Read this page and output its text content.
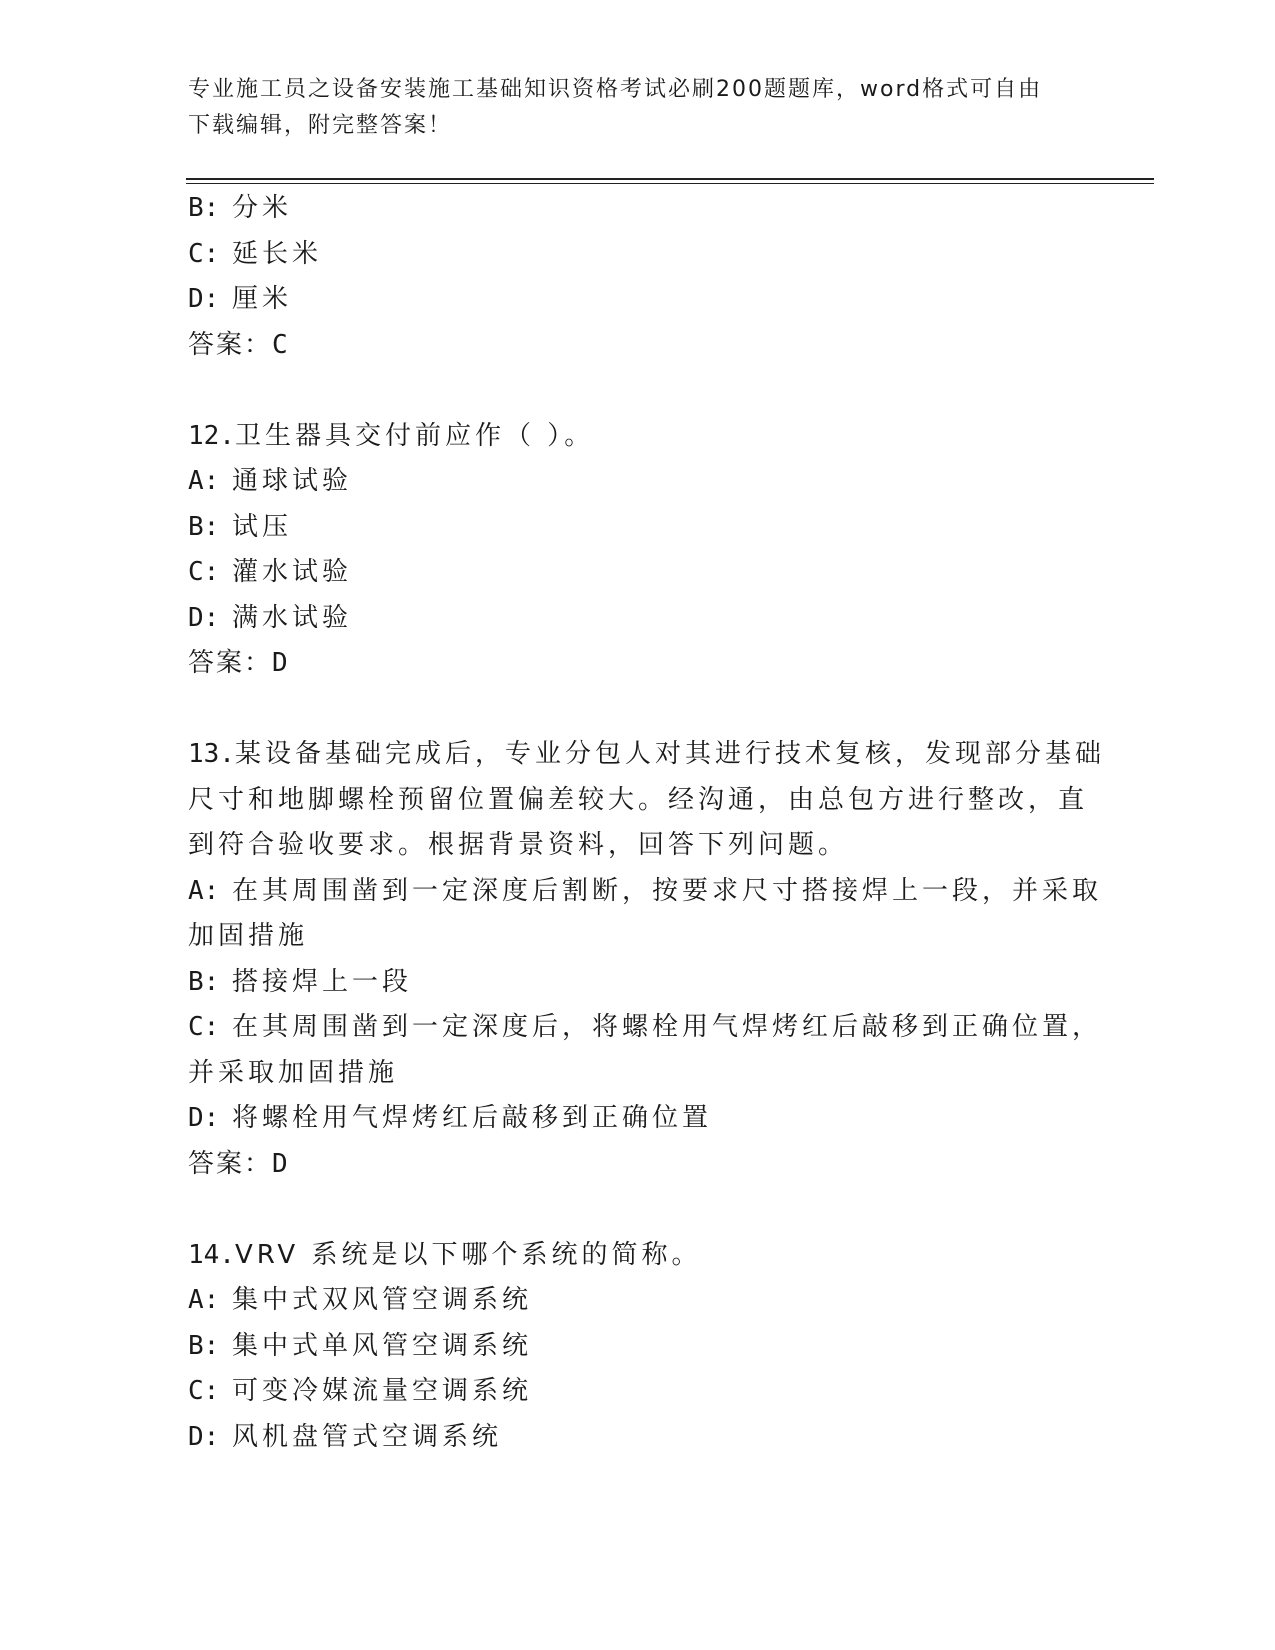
专业施工员之设备安装施工基础知识资格考试必刷200题题库，word格式可自由
下载编辑，附完整答案！

B: 分米

C: 延长米

D: 厘米

答案：C

12.卫生器具交付前应作（ ）。

A: 通球试验

B: 试压

C: 灌水试验

D: 满水试验

答案：D

13.某设备基础完成后，专业分包人对其进行技术复核，发现部分基础

尺寸和地脚螺栓预留位置偏差较大。经沟通，由总包方进行整改，直

到符合验收要求。根据背景资料，回答下列问题。

A: 在其周围凿到一定深度后割断，按要求尺寸搭接焊上一段，并采取

加固措施

B: 搭接焊上一段

C: 在其周围凿到一定深度后，将螺栓用气焊烤红后敲移到正确位置，

并采取加固措施

D: 将螺栓用气焊烤红后敲移到正确位置

答案：D

14.VRV 系统是以下哪个系统的简称。

A: 集中式双风管空调系统

B: 集中式单风管空调系统

C: 可变冷媒流量空调系统

D: 风机盘管式空调系统
